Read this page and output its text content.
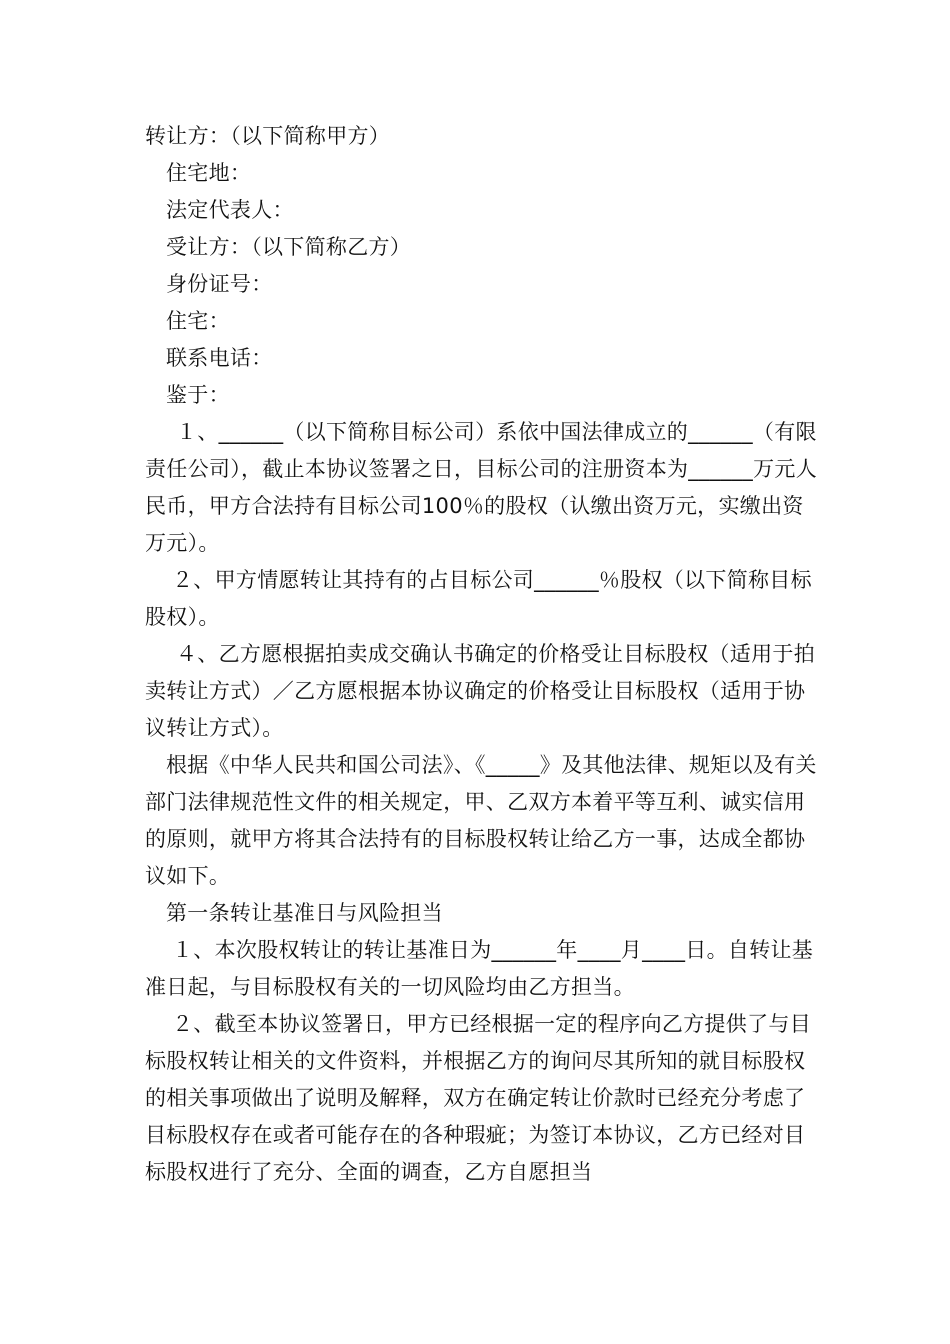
转让方：（以下简称甲方）

住宅地：

法定代表人：

受让方：（以下简称乙方）

身份证号：

住宅：

联系电话：

鉴于：

１、______（以下简称目标公司）系依中国法律成立的______（有限责任公司），截止本协议签署之日，目标公司的注册资本为______万元人民币，甲方合法持有目标公司100％的股权（认缴出资万元，实缴出资万元）。

２、甲方情愿转让其持有的占目标公司______％股权（以下简称目标股权）。

４、乙方愿根据拍卖成交确认书确定的价格受让目标股权（适用于拍卖转让方式）／乙方愿根据本协议确定的价格受让目标股权（适用于协议转让方式）。

根据《中华人民共和国公司法》、《_____》及其他法律、规矩以及有关部门法律规范性文件的相关规定，甲、乙双方本着平等互利、诚实信用的原则，就甲方将其合法持有的目标股权转让给乙方一事，达成全都协议如下。

第一条转让基准日与风险担当

１、本次股权转让的转让基准日为______年____月____日。自转让基准日起，与目标股权有关的一切风险均由乙方担当。

２、截至本协议签署日，甲方已经根据一定的程序向乙方提供了与目标股权转让相关的文件资料，并根据乙方的询问尽其所知的就目标股权的相关事项做出了说明及解释，双方在确定转让价款时已经充分考虑了目标股权存在或者可能存在的各种瑕疵；为签订本协议，乙方已经对目标股权进行了充分、全面的调查，乙方自愿担当
